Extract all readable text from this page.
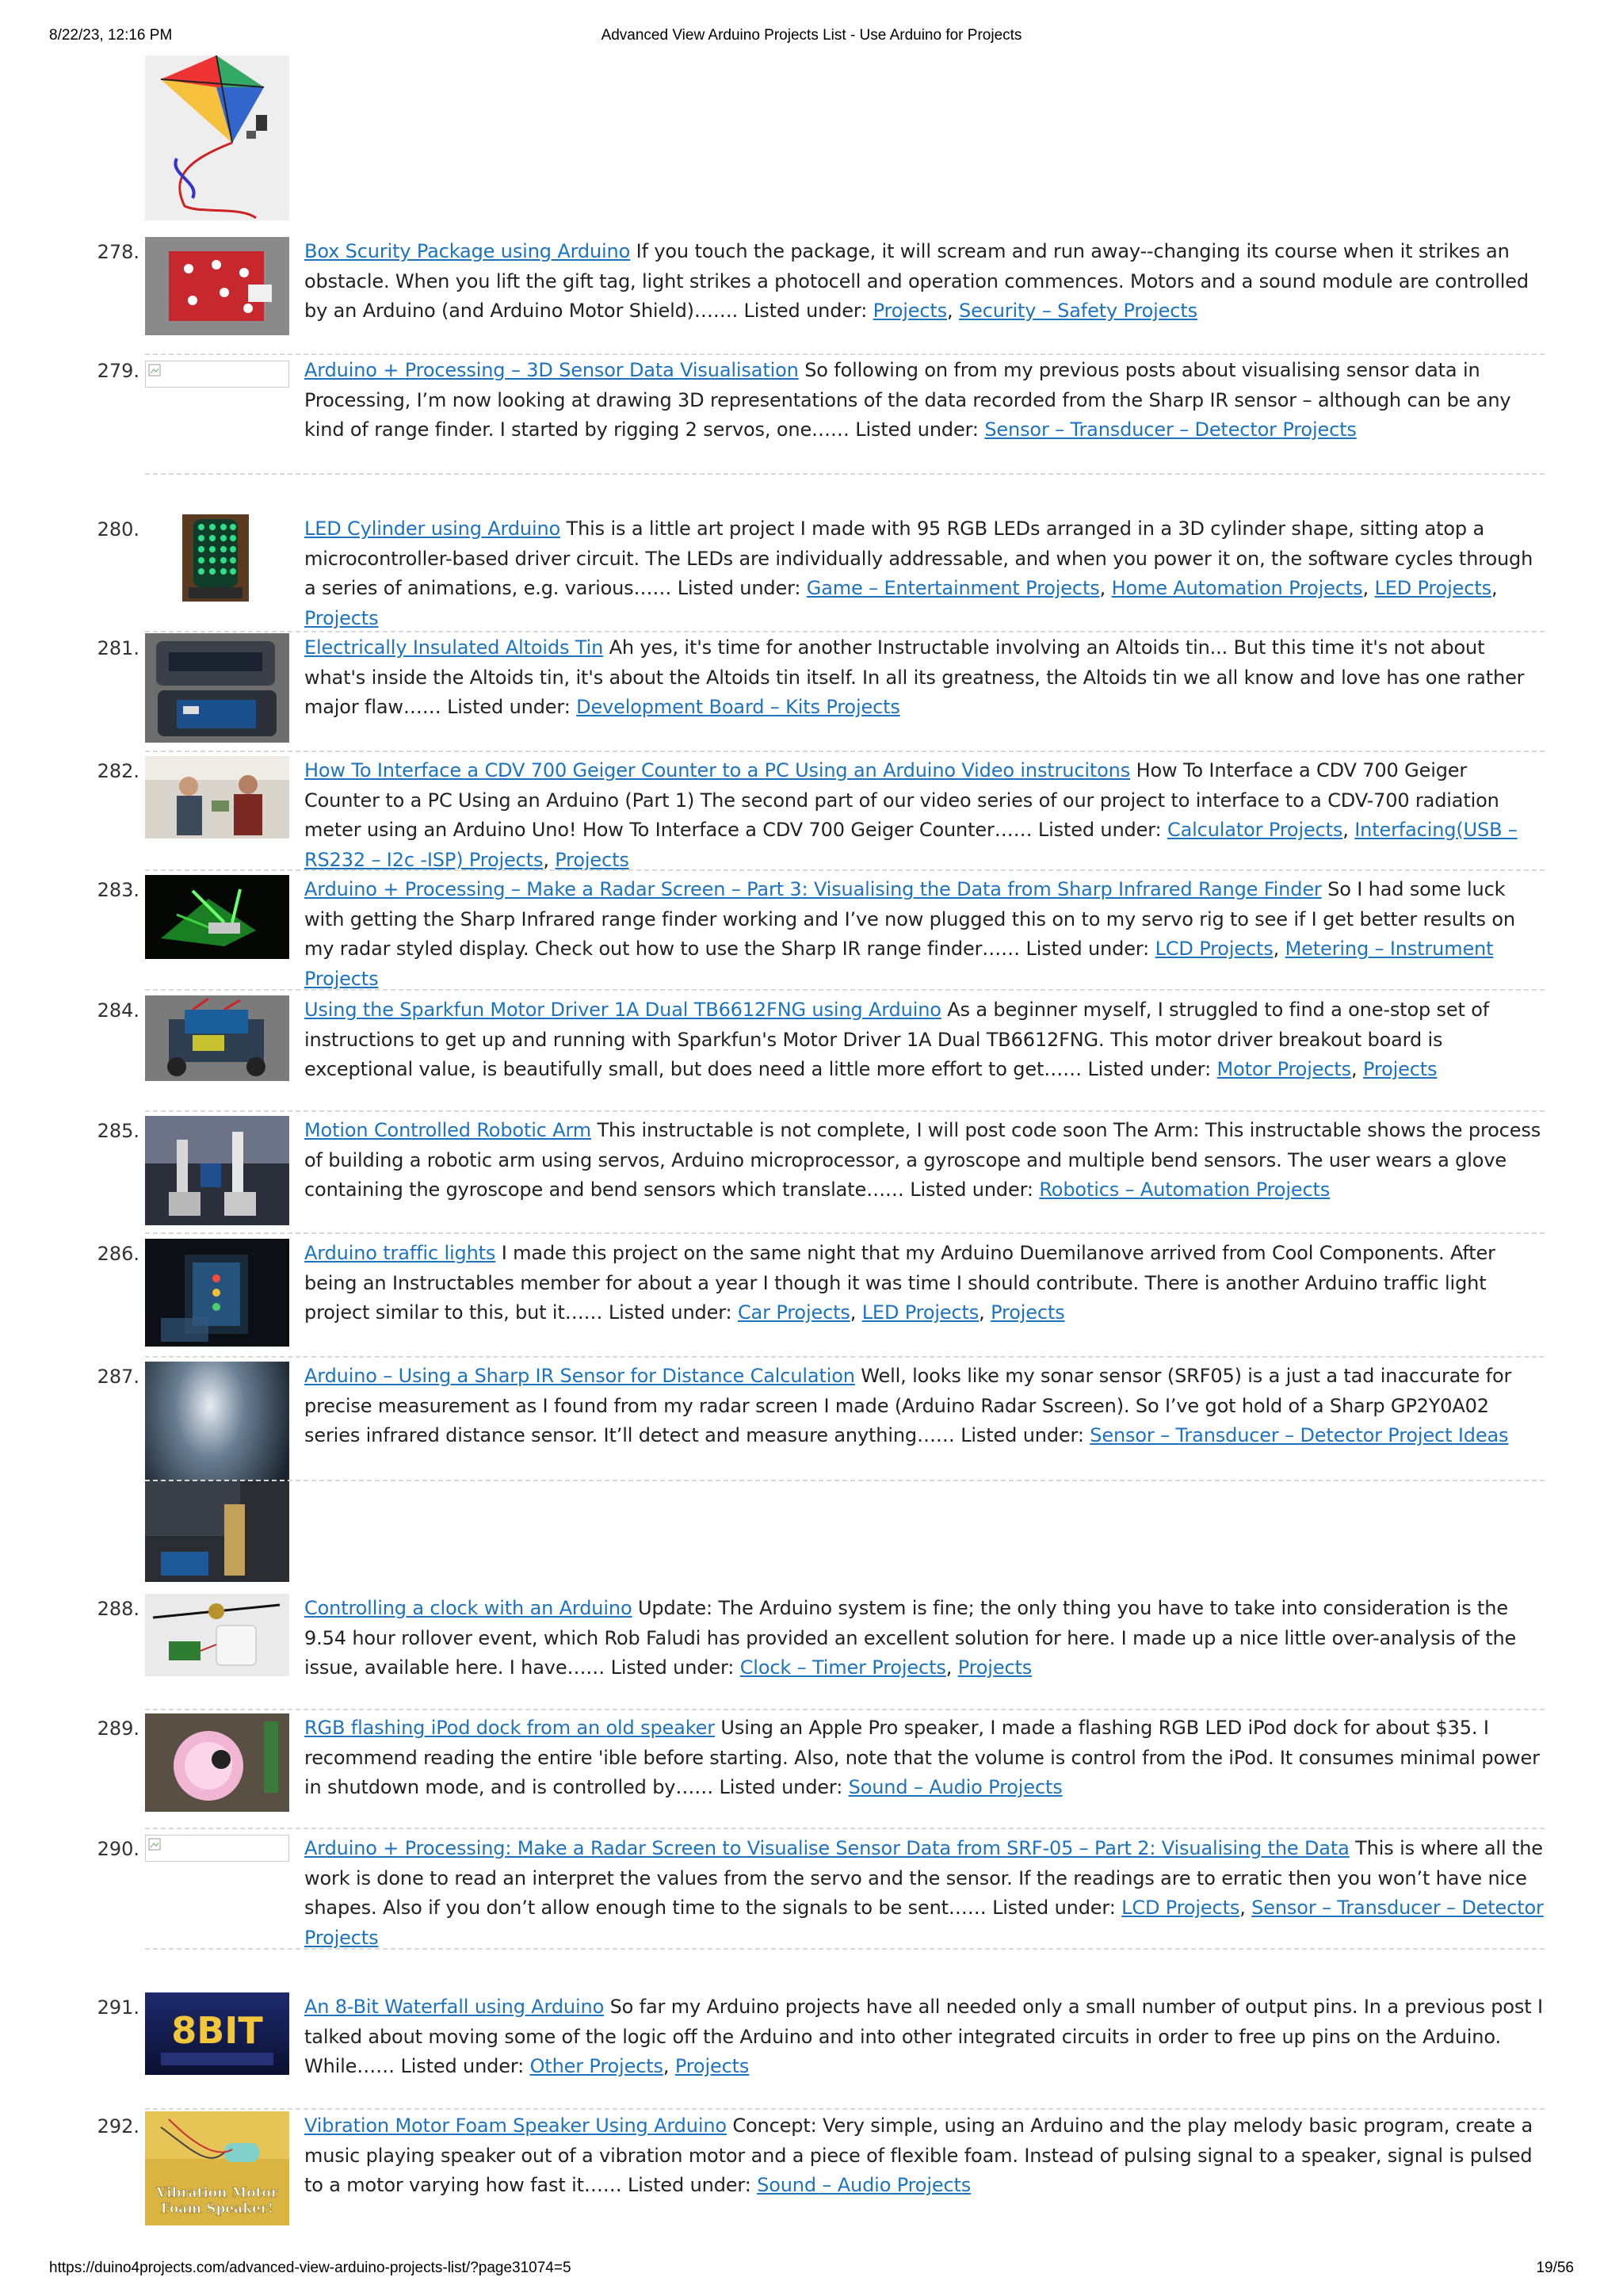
8/22/23, 12:16 PM	Advanced View Arduino Projects List - Use Arduino for Projects
278.	Box Scurity Package using Arduino If you touch the package, it will scream and run away--changing its course when it strikes an obstacle. When you lift the gift tag, light strikes a photocell and operation commences. Motors and a sound module are controlled by an Arduino (and Arduino Motor Shield)……. Listed under: Projects, Security – Safety Projects
279.	Arduino + Processing – 3D Sensor Data Visualisation So following on from my previous posts about visualising sensor data in Processing, I’m now looking at drawing 3D representations of the data recorded from the Sharp IR sensor – although can be any kind of range finder. I started by rigging 2 servos, one…… Listed under: Sensor – Transducer – Detector Projects
280.	LED Cylinder using Arduino This is a little art project I made with 95 RGB LEDs arranged in a 3D cylinder shape, sitting atop a microcontroller-based driver circuit. The LEDs are individually addressable, and when you power it on, the software cycles through a series of animations, e.g. various…… Listed under: Game – Entertainment Projects, Home Automation Projects, LED Projects, Projects
281.	Electrically Insulated Altoids Tin Ah yes, it's time for another Instructable involving an Altoids tin... But this time it's not about what's inside the Altoids tin, it's about the Altoids tin itself. In all its greatness, the Altoids tin we all know and love has one rather major flaw…… Listed under: Development Board – Kits Projects
282.	How To Interface a CDV 700 Geiger Counter to a PC Using an Arduino Video instrucitons How To Interface a CDV 700 Geiger Counter to a PC Using an Arduino (Part 1) The second part of our video series of our project to interface to a CDV-700 radiation meter using an Arduino Uno! How To Interface a CDV 700 Geiger Counter…… Listed under: Calculator Projects, Interfacing(USB – RS232 – I2c -ISP) Projects, Projects
283.	Arduino + Processing – Make a Radar Screen – Part 3: Visualising the Data from Sharp Infrared Range Finder So I had some luck with getting the Sharp Infrared range finder working and I’ve now plugged this on to my servo rig to see if I get better results on my radar styled display. Check out how to use the Sharp IR range finder…… Listed under: LCD Projects, Metering – Instrument Projects
284.	Using the Sparkfun Motor Driver 1A Dual TB6612FNG using Arduino As a beginner myself, I struggled to find a one-stop set of instructions to get up and running with Sparkfun's Motor Driver 1A Dual TB6612FNG. This motor driver breakout board is exceptional value, is beautifully small, but does need a little more effort to get…… Listed under: Motor Projects, Projects
285.	Motion Controlled Robotic Arm This instructable is not complete, I will post code soon The Arm: This instructable shows the process of building a robotic arm using servos, Arduino microprocessor, a gyroscope and multiple bend sensors. The user wears a glove containing the gyroscope and bend sensors which translate…… Listed under: Robotics – Automation Projects
286.	Arduino traffic lights I made this project on the same night that my Arduino Duemilanove arrived from Cool Components. After being an Instructables member for about a year I though it was time I should contribute. There is another Arduino traffic light project similar to this, but it…… Listed under: Car Projects, LED Projects, Projects
287.	Arduino – Using a Sharp IR Sensor for Distance Calculation Well, looks like my sonar sensor (SRF05) is a just a tad inaccurate for precise measurement as I found from my radar screen I made (Arduino Radar Sscreen). So I’ve got hold of a Sharp GP2Y0A02 series infrared distance sensor. It’ll detect and measure anything…… Listed under: Sensor – Transducer – Detector Project Ideas
288.	Controlling a clock with an Arduino Update: The Arduino system is fine; the only thing you have to take into consideration is the 9.54 hour rollover event, which Rob Faludi has provided an excellent solution for here. I made up a nice little over-analysis of the issue, available here. I have…… Listed under: Clock – Timer Projects, Projects
289.	RGB flashing iPod dock from an old speaker Using an Apple Pro speaker, I made a flashing RGB LED iPod dock for about $35. I recommend reading the entire 'ible before starting. Also, note that the volume is control from the iPod. It consumes minimal power in shutdown mode, and is controlled by…… Listed under: Sound – Audio Projects
290.	Arduino + Processing: Make a Radar Screen to Visualise Sensor Data from SRF-05 – Part 2: Visualising the Data This is where all the work is done to read an interpret the values from the servo and the sensor. If the readings are to erratic then you won’t have nice shapes. Also if you don’t allow enough time to the signals to be sent…… Listed under: LCD Projects, Sensor – Transducer – Detector Projects
291.
8BIT
An 8-Bit Waterfall using Arduino So far my Arduino projects have all needed only a small number of output pins. In a previous post I talked about moving some of the logic off the Arduino and into other integrated circuits in order to free up pins on the Arduino. While…… Listed under: Other Projects, Projects
292.
Vibration Motor Foam Speaker!
Vibration Motor Foam Speaker Using Arduino Concept: Very simple, using an Arduino and the play melody basic program, create a music playing speaker out of a vibration motor and a piece of flexible foam. Instead of pulsing signal to a speaker, signal is pulsed to a motor varying how fast it…… Listed under: Sound – Audio Projects
https://duino4projects.com/advanced-view-arduino-projects-list/?page31074=5	19/56
